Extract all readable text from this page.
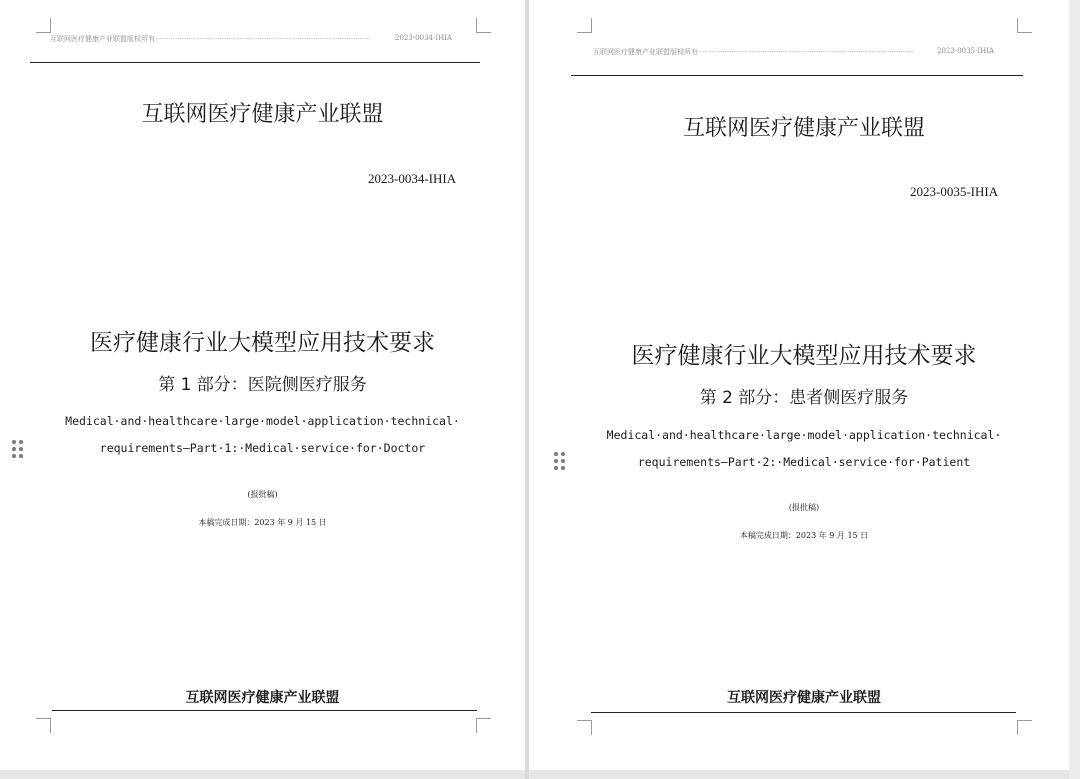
互联网医疗健康产业联盟版权所有·································································································	2023-0034-IHIA
互联网医疗健康产业联盟
2023-0034-IHIA
医疗健康行业大模型应用技术要求
第 1 部分：医院侧医疗服务
Medical·and·healthcare·large·model·application·technical·
requirements—Part·1:·Medical·service·for·Doctor
(报批稿)
本稿完成日期：2023 年 9 月 15 日
互联网医疗健康产业联盟
互联网医疗健康产业联盟版权所有·································································································	2023-0035-IHIA
互联网医疗健康产业联盟
2023-0035-IHIA
医疗健康行业大模型应用技术要求
第 2 部分：患者侧医疗服务
Medical·and·healthcare·large·model·application·technical·
requirements—Part·2:·Medical·service·for·Patient
(报批稿)
本稿完成日期：2023 年 9 月 15 日
互联网医疗健康产业联盟
